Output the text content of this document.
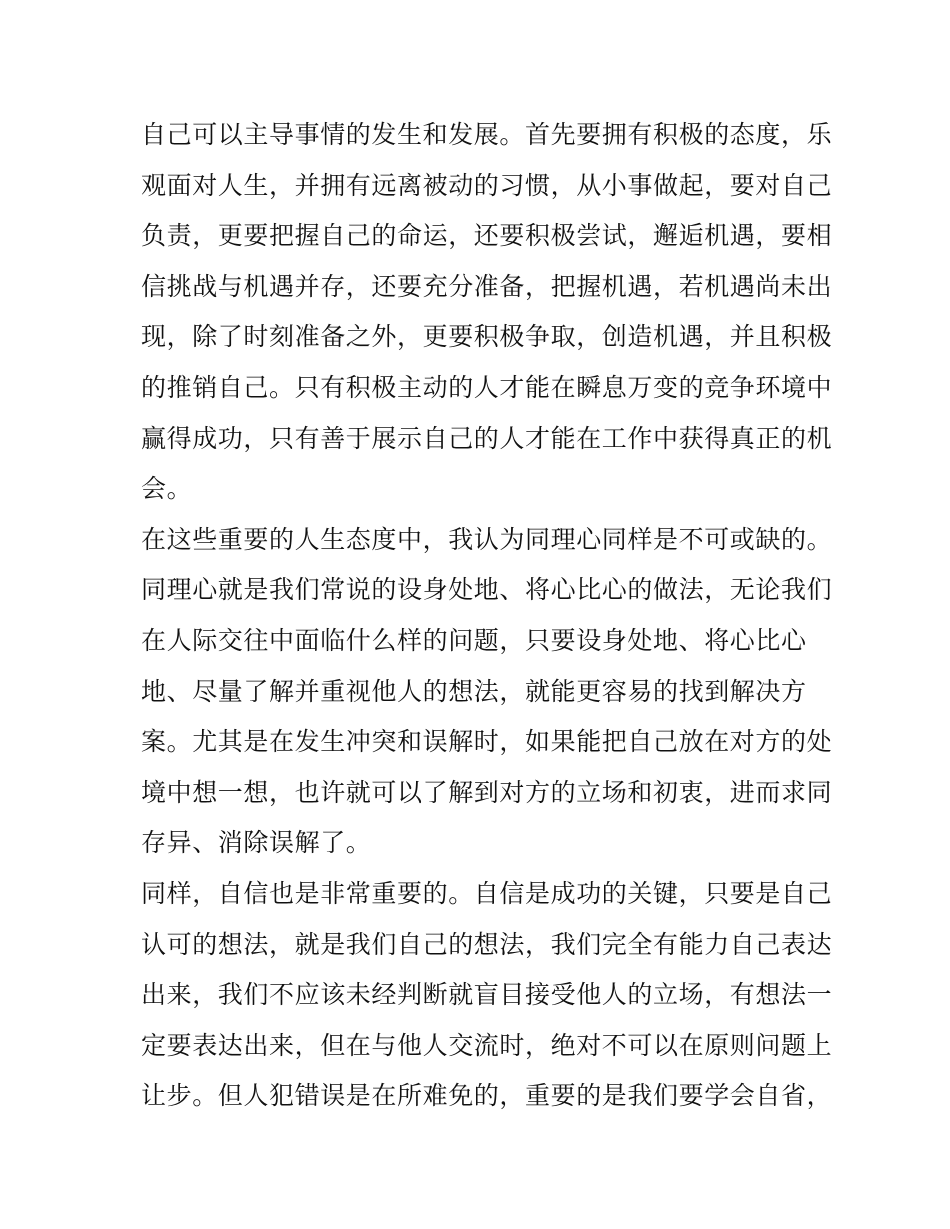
自己可以主导事情的发生和发展。首先要拥有积极的态度，乐
观面对人生，并拥有远离被动的习惯，从小事做起，要对自己
负责，更要把握自己的命运，还要积极尝试，邂逅机遇，要相
信挑战与机遇并存，还要充分准备，把握机遇，若机遇尚未出
现，除了时刻准备之外，更要积极争取，创造机遇，并且积极
的推销自己。只有积极主动的人才能在瞬息万变的竞争环境中
赢得成功，只有善于展示自己的人才能在工作中获得真正的机
会。
在这些重要的人生态度中，我认为同理心同样是不可或缺的。
同理心就是我们常说的设身处地、将心比心的做法，无论我们
在人际交往中面临什么样的问题，只要设身处地、将心比心
地、尽量了解并重视他人的想法，就能更容易的找到解决方
案。尤其是在发生冲突和误解时，如果能把自己放在对方的处
境中想一想，也许就可以了解到对方的立场和初衷，进而求同
存异、消除误解了。
同样，自信也是非常重要的。自信是成功的关键，只要是自己
认可的想法，就是我们自己的想法，我们完全有能力自己表达
出来，我们不应该未经判断就盲目接受他人的立场，有想法一
定要表达出来，但在与他人交流时，绝对不可以在原则问题上
让步。但人犯错误是在所难免的，重要的是我们要学会自省，
